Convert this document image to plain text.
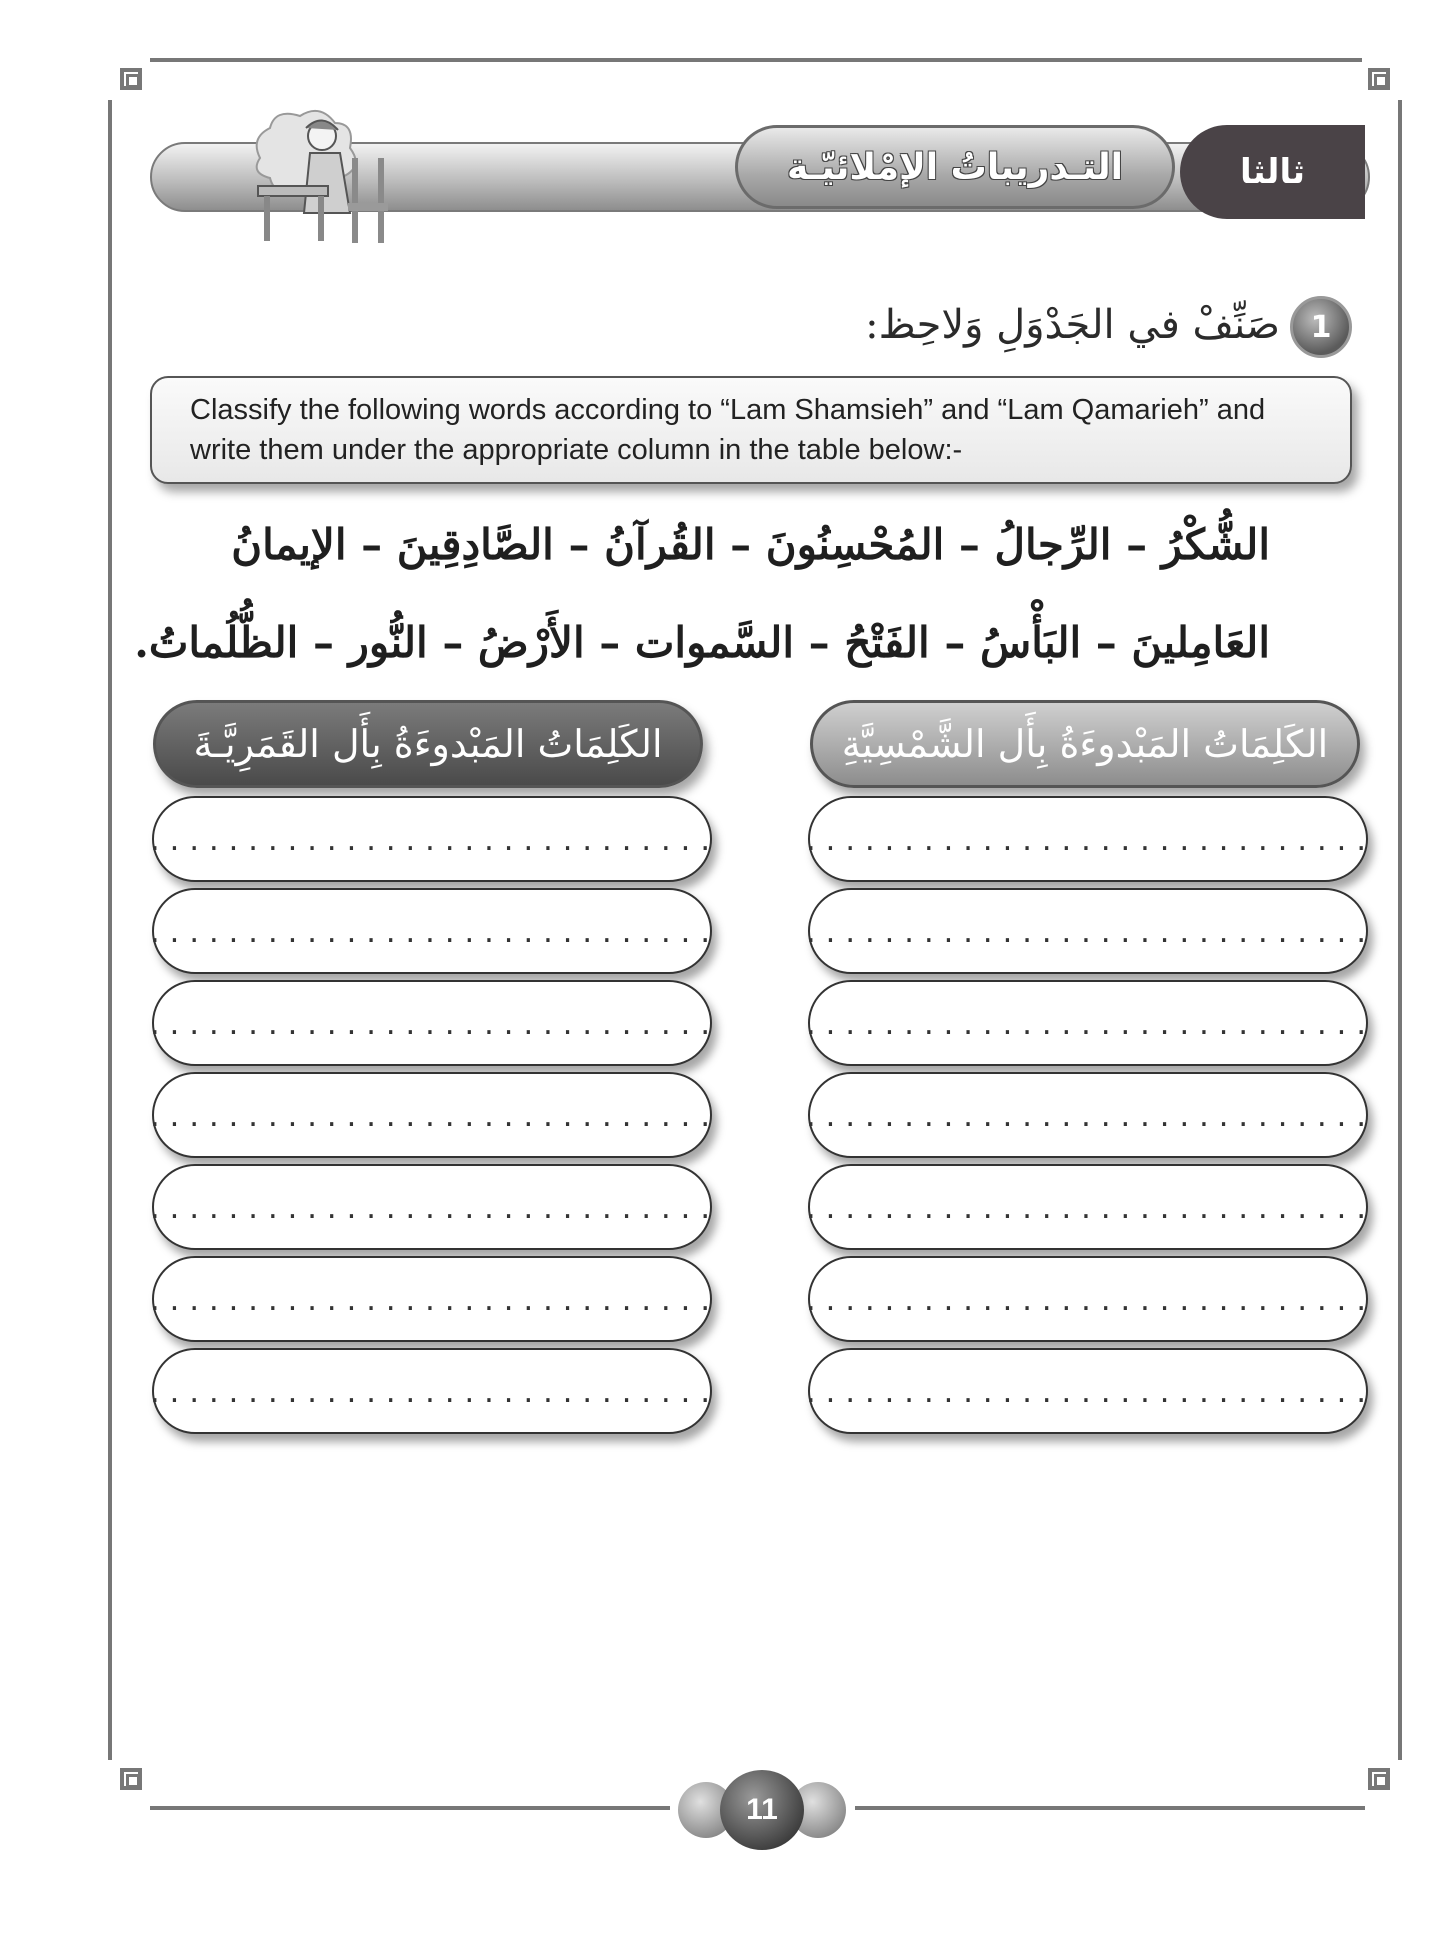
التـدريباتُ الإمْلائيّـة	ثالثا
1
صَنِّفْ في الجَدْوَلِ وَلاحِظ:
Classify the following words according to “Lam Shamsieh” and “Lam Qamarieh” and write them under the appropriate column in the table below:-
الشُّكْرُ – الرِّجالُ – المُحْسِنُونَ – القُرآنُ – الصَّادِقِينَ – الإيمانُ
العَامِلينَ – البَأْسُ – الفَتْحُ – السَّموات – الأَرْضُ – النُّور – الظُّلُماتُ.
الكَلِمَاتُ المَبْدوءَةُ بِأَل الشَّمْسِيَّةِ
الكَلِمَاتُ المَبْدوءَةُ بِأَل القَمَرِيَّـةَ
.............................
.............................
.............................
.............................
.............................
.............................
.............................
.............................
.............................
.............................
.............................
.............................
.............................
.............................
11
